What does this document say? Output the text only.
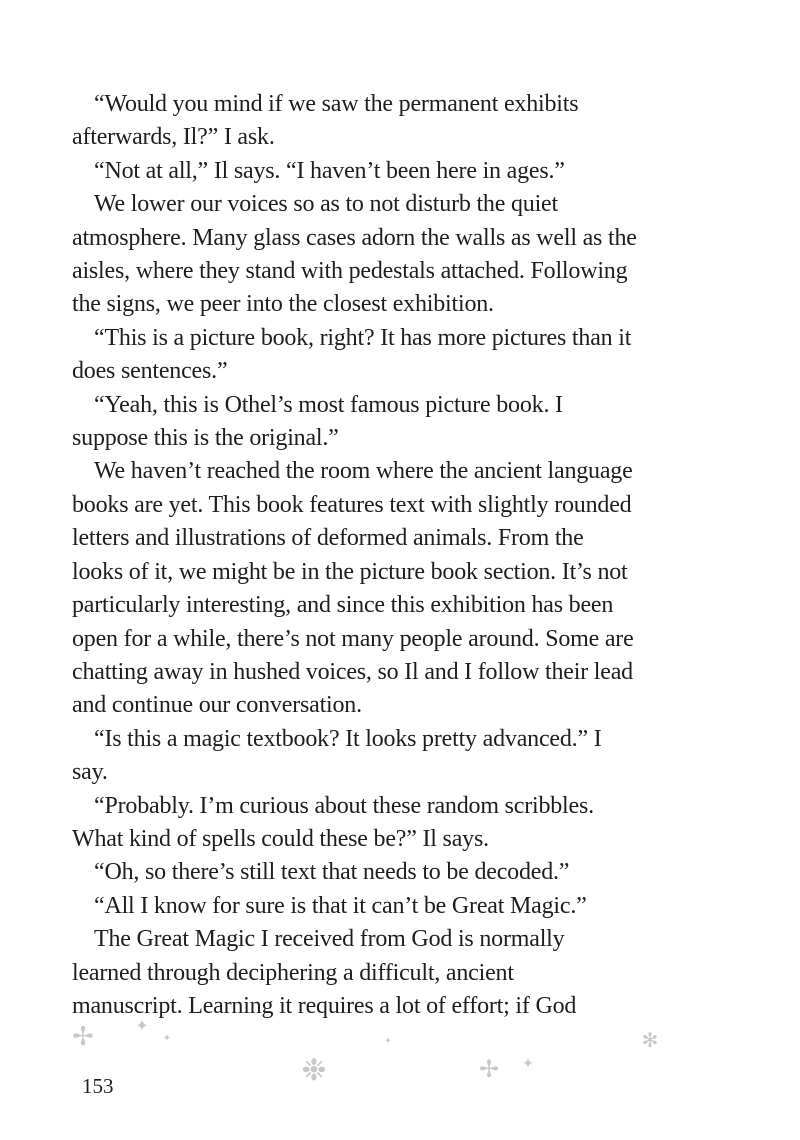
“Would you mind if we saw the permanent exhibits
afterwards, Il?” I ask.
“Not at all,” Il says. “I haven’t been here in ages.”
We lower our voices so as to not disturb the quiet
atmosphere. Many glass cases adorn the walls as well as the
aisles, where they stand with pedestals attached. Following
the signs, we peer into the closest exhibition.
“This is a picture book, right? It has more pictures than it
does sentences.”
“Yeah, this is Othel’s most famous picture book. I
suppose this is the original.”
We haven’t reached the room where the ancient language
books are yet. This book features text with slightly rounded
letters and illustrations of deformed animals. From the
looks of it, we might be in the picture book section. It’s not
particularly interesting, and since this exhibition has been
open for a while, there’s not many people around. Some are
chatting away in hushed voices, so Il and I follow their lead
and continue our conversation.
“Is this a magic textbook? It looks pretty advanced.” I
say.
“Probably. I’m curious about these random scribbles.
What kind of spells could these be?” Il says.
“Oh, so there’s still text that needs to be decoded.”
“All I know for sure is that it can’t be Great Magic.”
The Great Magic I received from God is normally
learned through deciphering a difficult, ancient
manuscript. Learning it requires a lot of effort; if God
✢	✦
✦
❉
✦
✢ ✦
✻
153
